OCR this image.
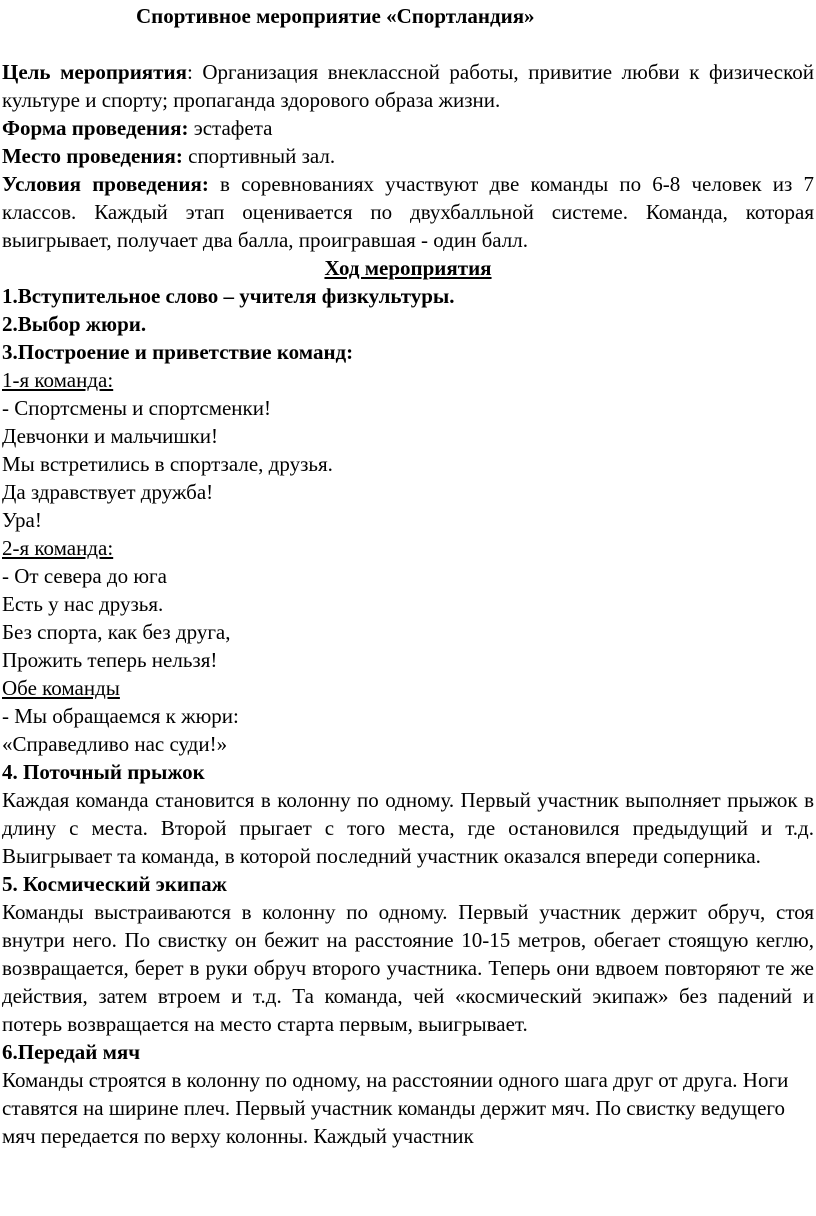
Спортивное мероприятие «Спортландия»

Цель мероприятия: Организация внеклассной работы, привитие любви к физической культуре и спорту; пропаганда здорового образа жизни.

Форма проведения: эстафета

Место проведения: спортивный зал.

Условия проведения: в соревнованиях участвуют две команды по 6-8 человек из 7 классов. Каждый этап оценивается по двухбалльной системе. Команда, которая выигрывает, получает два балла, проигравшая - один балл.

Ход мероприятия

1.Вступительное слово – учителя физкультуры.

2.Выбор жюри.

3.Построение и приветствие команд:

1-я команда:

- Спортсмены и спортсменки!

Девчонки и мальчишки!

Мы встретились в спортзале, друзья.

Да здравствует дружба!

Ура!

2-я команда:

- От севера до юга

Есть у нас друзья.

Без спорта, как без друга,

Прожить теперь нельзя!

Обе команды

- Мы обращаемся к жюри:

«Справедливо нас суди!»

4. Поточный прыжок

Каждая команда становится в колонну по одному. Первый участник выполняет прыжок в длину с места. Второй прыгает с того места, где остановился предыдущий и т.д. Выигрывает та команда, в которой последний участник оказался впереди соперника.

5. Космический экипаж

Команды выстраиваются в колонну по одному. Первый участник держит обруч, стоя внутри него. По свистку он бежит на расстояние 10-15 метров, обегает стоящую кеглю, возвращается, берет в руки обруч второго участника. Теперь они вдвоем повторяют те же действия, затем втроем и т.д. Та команда, чей «космический экипаж» без падений и потерь возвращается на место старта первым, выигрывает.

6.Передай мяч

Команды строятся в колонну по одному, на расстоянии одного шага друг от друга. Ноги ставятся на ширине плеч. Первый участник команды держит мяч. По свистку ведущего мяч передается по верху колонны. Каждый участник
